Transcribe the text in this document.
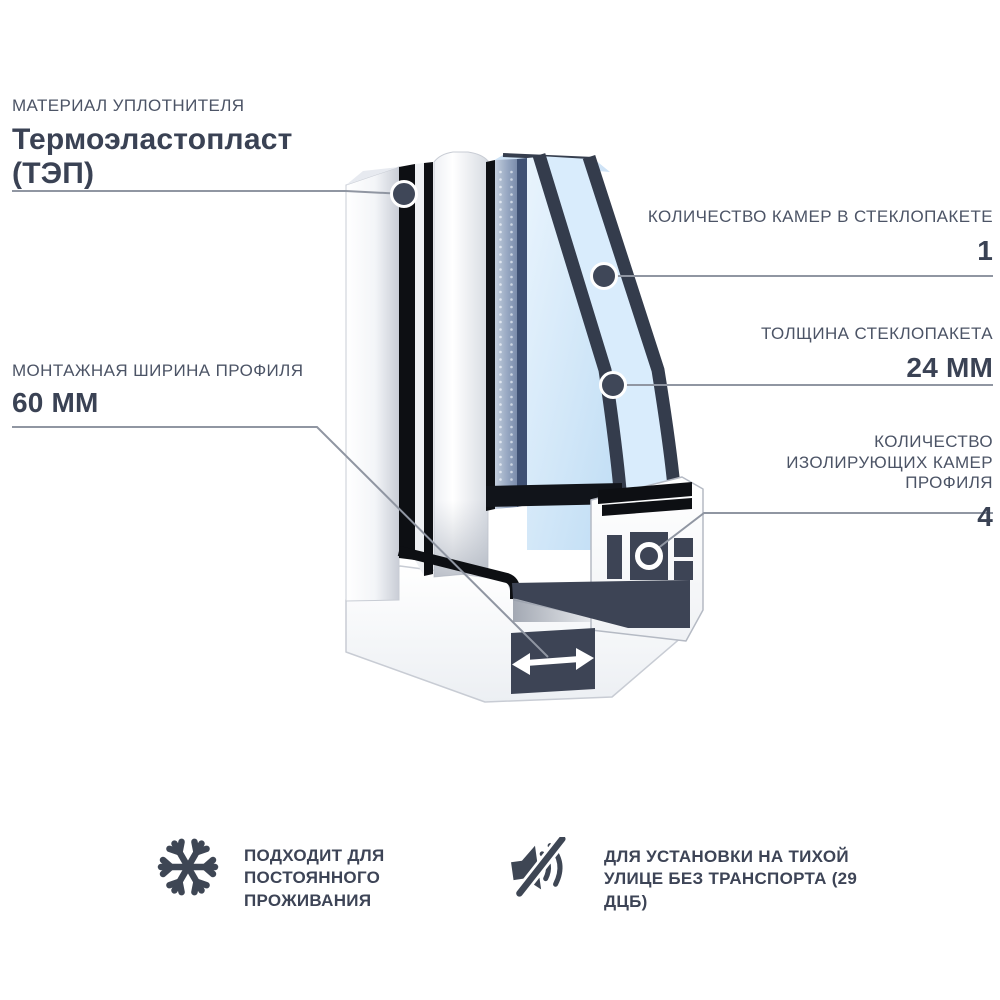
МАТЕРИАЛ УПЛОТНИТЕЛЯ
Термоэластопласт (ТЭП)
МОНТАЖНАЯ ШИРИНА ПРОФИЛЯ
60 ММ
КОЛИЧЕСТВО КАМЕР В СТЕКЛОПАКЕТЕ
1
ТОЛЩИНА СТЕКЛОПАКЕТА
24 ММ
КОЛИЧЕСТВО ИЗОЛИРУЮЩИХ КАМЕР ПРОФИЛЯ
4
ПОДХОДИТ ДЛЯ ПОСТОЯННОГО ПРОЖИВАНИЯ
ДЛЯ УСТАНОВКИ НА ТИХОЙ УЛИЦЕ БЕЗ ТРАНСПОРТА (29 ДЦБ)
